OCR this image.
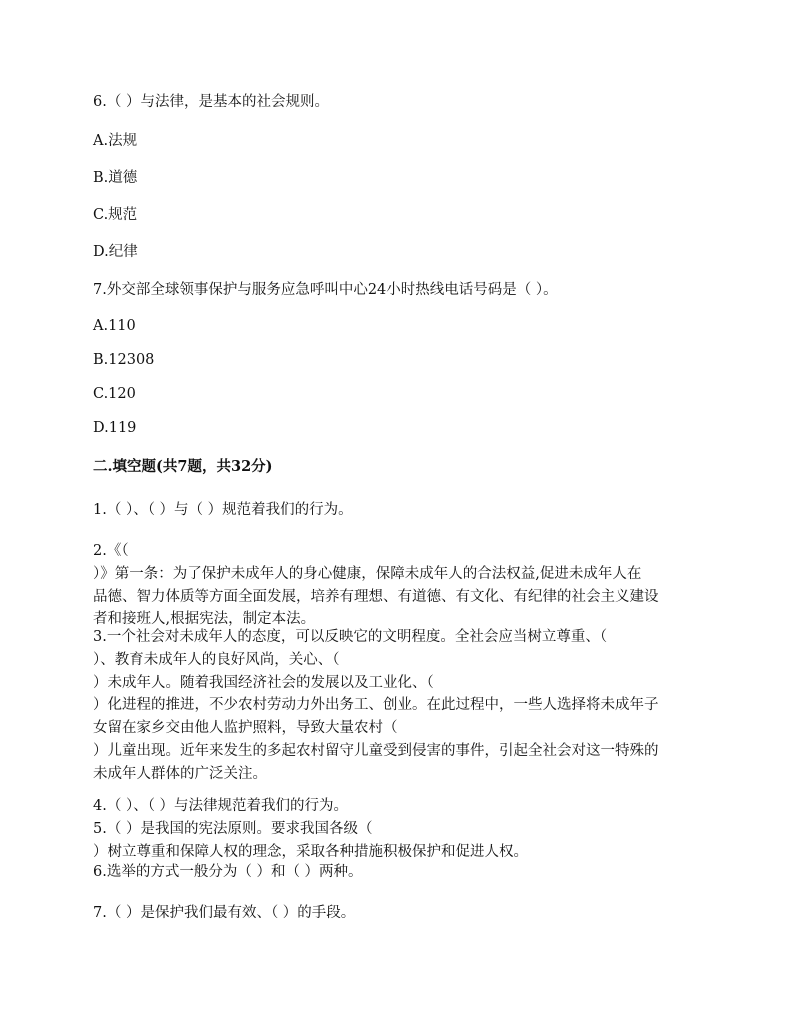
6.（ ）与法律，是基本的社会规则。
A.法规
B.道德
C.规范
D.纪律
7.外交部全球领事保护与服务应急呼叫中心24小时热线电话号码是（ ）。
A.110
B.12308
C.120
D.119
二.填空题(共7题，共32分)
1.（ ）、（ ）与（ ）规范着我们的行为。
2.《（
）》第一条：为了保护未成年人的身心健康，保障未成年人的合法权益,促进未成年人在
品德、智力体质等方面全面发展，培养有理想、有道德、有文化、有纪律的社会主义建设
者和接班人,根据宪法，制定本法。
3.一个社会对未成年人的态度，可以反映它的文明程度。全社会应当树立尊重、（
）、教育未成年人的良好风尚，关心、（
）未成年人。随着我国经济社会的发展以及工业化、（
）化进程的推进，不少农村劳动力外出务工、创业。在此过程中，一些人选择将未成年子
女留在家乡交由他人监护照料，导致大量农村（
）儿童出现。近年来发生的多起农村留守儿童受到侵害的事件，引起全社会对这一特殊的
未成年人群体的广泛关注。
4.（ ）、（ ）与法律规范着我们的行为。
5.（ ）是我国的宪法原则。要求我国各级（
）树立尊重和保障人权的理念，采取各种措施积极保护和促进人权。
6.选举的方式一般分为（ ）和（ ）两种。
7.（ ）是保护我们最有效、（ ）的手段。
